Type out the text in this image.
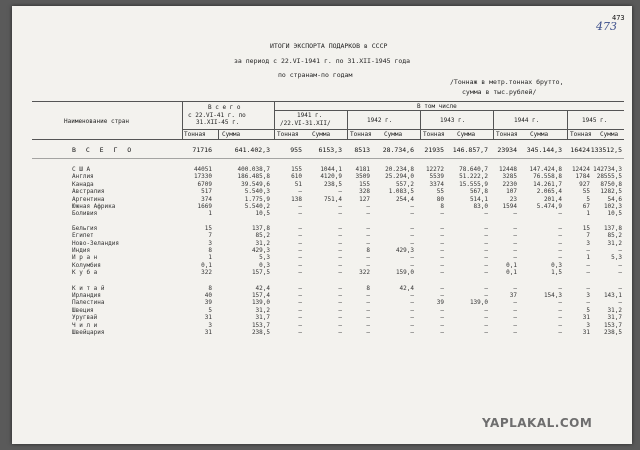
473
473
ИТОГИ ЭКСПОРТА ПОДАРКОВ в СССР
за период с 22.VI-1941 г. по 31.XII-1945 года
по странам-по годам
/Тоннаж в метр.тоннах брутто,
сумма в тыс.рублей/
Наименование стран
В с е г о
с 22.VI-41 г. по
31.XII-45 г.
В том числе
1941 г.
/22.VI-31.XII/	1942 г.	1943 г.	1944 г.	1945 г.
Тонная	Сумма	Тонная Сумма	Тонная Сумма	Тонная Сумма	Тонная Сумма	Тонная Сумма
В С Е Г О	71716	641.402,3	955	6153,3 8513 28.734,6 21935 146.857,7 23934 345.144,3 16424 133512,5
С Ш А	44051	400.038,7	155	1044,1 4181	20.234,8 12272	78.640,7 12448 147.424,8 12424 142734,3
Англия	17330	186.485,8	610	4120,9 3509	25.294,0	5539	51.222,2 3285	76.558,8 1784 28555,5
Канада	6709	39.549,6	51	238,5	155	557,2	3374	15.555,9 2230	14.261,7	927 8750,8
Австралия	517	5.540,3	–	–	328	1.083,5	55	567,8	107	2.065,4	55 1282,5
Аргентина	374	1.775,9	138	751,4	127	254,4	80	514,1	23	201,4	5	54,6
Южная Африка	1669	5.540,2	–	–	–	–	8	83,0 1594	5.474,9	67 102,3
Боливия	1	10,5	–	–	–	–	–	–	–	–	1	10,5
Бельгия	15	137,8	–	–	–	–	–	–	–	–	15 137,8
Египет	7	85,2	–	–	–	–	–	–	–	–	7	85,2
Ново-Зеландия	3	31,2	–	–	–	–	–	–	–	–	3	31,2
Индия	8	429,3	–	–	8	429,3	–	–	–	–	–	–
И р а н	1	5,3	–	–	–	–	–	–	–	–	1	5,3
Колумбия	0,1	0,3	–	–	–	–	–	–	0,1	0,3	–	–
К у б а	322	157,5	–	–	322	159,0	–	–	0,1	1,5	–	–
К и т а й	8	42,4	–	–	8	42,4	–	–	–	–	–	–
Ирландия	40	157,4	–	–	–	–	–	–	37	154,3	3 143,1
Палестина	39	139,0	–	–	–	–	39	139,0	–	–	–	–
Швеция	5	31,2	–	–	–	–	–	–	–	–	5	31,2
Уругвай	31	31,7	–	–	–	–	–	–	–	–	31	31,7
Ч и л и	3	153,7	–	–	–	–	–	–	–	–	3 153,7
Швейцария	31	238,5	–	–	–	–	–	–	–	–	31 238,5
YAPLAKAL.COM
